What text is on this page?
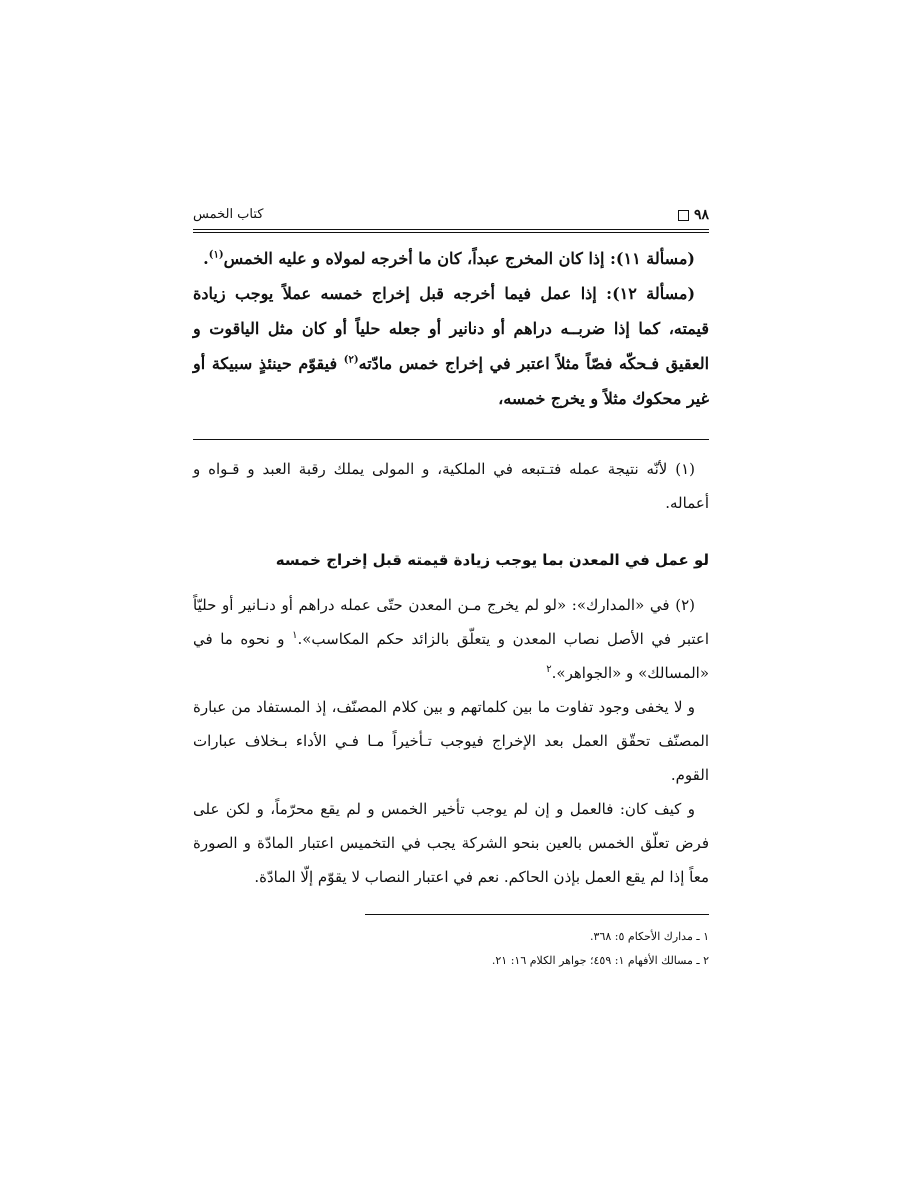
٩٨
كتاب الخمس

(مسألة ١١): إذا كان المخرج عبداً، كان ما أخرجه لمولاه و عليه الخمس$^{(١)}$.

(مسألة ١٢): إذا عمل فيما أخرجه قبل إخراج خمسه عملاً يوجب زيادة قيمته، كما إذا ضربــه دراهم أو دنانير أو جعله حلياً أو كان مثل الياقوت و العقيق فـحكّه فصّاً مثلاً اعتبر في إخراج خمس مادّته$^{(٢)}$ فيقوّم حينئذٍ سبيكة أو غير محكوك مثلاً و يخرج خمسه،

(١) لأنّه نتيجة عمله فتـتبعه في الملكية، و المولى يملك رقبة العبد و قـواه و أعماله.

لو عمل في المعدن بما يوجب زيادة قيمته قبل إخراج خمسه

(٢) في «المدارك»: «لو لم يخرج مـن المعدن حتّى عمله دراهم أو دنـانير أو حليّاً اعتبر في الأصل نصاب المعدن و يتعلّق بالزائد حكم المكاسب».$^١$ و نحوه ما في «المسالك» و «الجواهر».$^٢$

و لا يخفى وجود تفاوت ما بين كلماتهم و بين كلام المصنّف، إذ المستفاد من عبارة المصنّف تحقّق العمل بعد الإخراج فيوجب تـأخيراً مـا فـي الأداء بـخلاف عبارات القوم.

و كيف كان: فالعمل و إن لم يوجب تأخير الخمس و لم يقع محرّماً، و لكن على فرض تعلّق الخمس بالعين بنحو الشركة يجب في التخميس اعتبار المادّة و الصورة معاً إذا لم يقع العمل بإذن الحاكم. نعم في اعتبار النصاب لا يقوّم إلّا المادّة.

١ ـ مدارك الأحكام ٥: ٣٦٨.

٢ ـ مسالك الأفهام ١: ٤٥٩؛ جواهر الكلام ١٦: ٢١.
